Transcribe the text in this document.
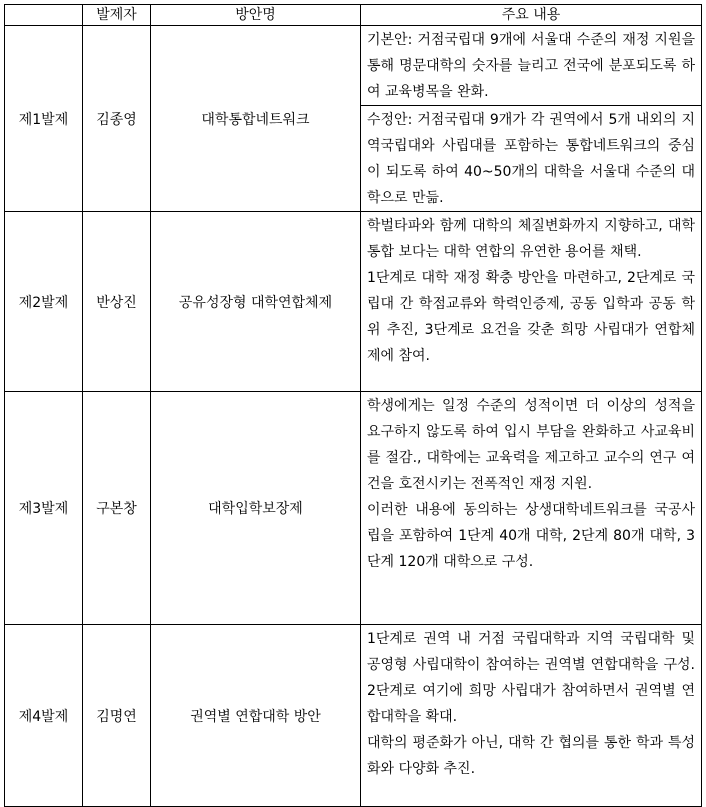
	발제자	방안명	주요 내용
제1발제	김종영	대학통합네트워크	기본안: 거점국립대 9개에 서울대 수준의 재정 지원을 통해 명문대학의 숫자를 늘리고 전국에 분포되도록 하여 교육병목을 완화.
수정안: 거점국립대 9개가 각 권역에서 5개 내외의 지역국립대와 사립대를 포함하는 통합네트워크의 중심이 되도록 하여 40~50개의 대학을 서울대 수준의 대학으로 만듦.

제2발제	반상진	공유성장형 대학연합체제	학벌타파와 함께 대학의 체질변화까지 지향하고, 대학 통합 보다는 대학 연합의 유연한 용어를 채택.
1단계로 대학 재정 확충 방안을 마련하고, 2단계로 국립대 간 학점교류와 학력인증제, 공동 입학과 공동 학위 추진, 3단계로 요건을 갖춘 희망 사립대가 연합체제에 참여.

제3발제	구본창	대학입학보장제	학생에게는 일정 수준의 성적이면 더 이상의 성적을 요구하지 않도록 하여 입시 부담을 완화하고 사교육비를 절감., 대학에는 교육력을 제고하고 교수의 연구 여건을 호전시키는 전폭적인 재정 지원.
이러한 내용에 동의하는 상생대학네트워크를 국공사립을 포함하여 1단계 40개 대학, 2단계 80개 대학, 3단계 120개 대학으로 구성.

제4발제	김명연	권역별 연합대학 방안	1단계로 권역 내 거점 국립대학과 지역 국립대학 및 공영형 사립대학이 참여하는 권역별 연합대학을 구성. 2단계로 여기에 희망 사립대가 참여하면서 권역별 연합대학을 확대.
대학의 평준화가 아닌, 대학 간 협의를 통한 학과 특성화와 다양화 추진.
